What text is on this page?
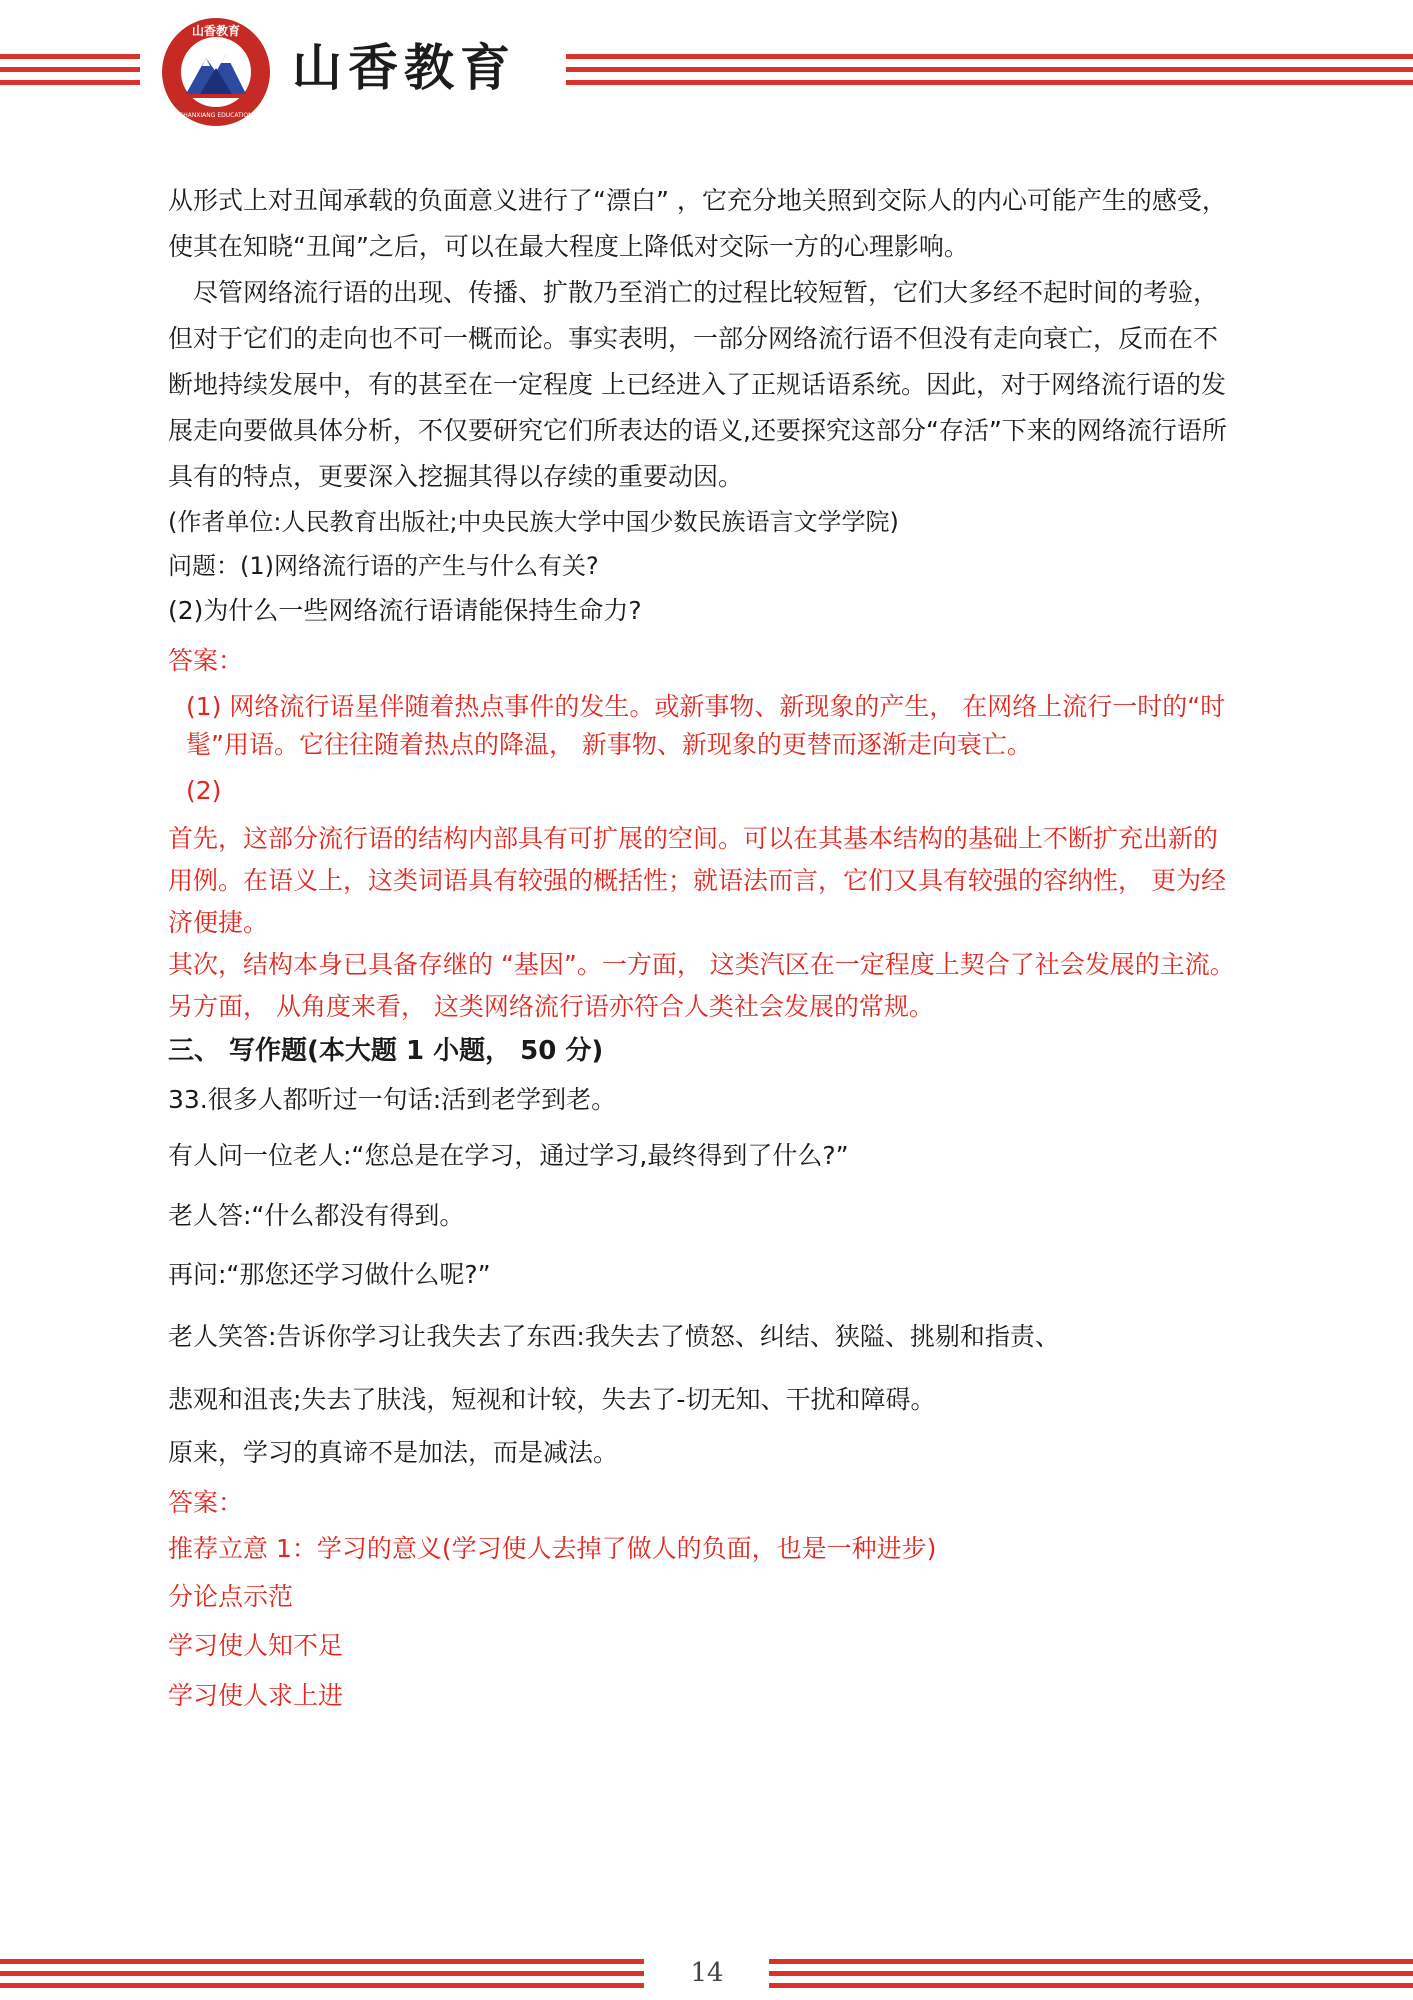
山香教育
SHANXIANG EDUCATION
山香教育

从形式上对丑闻承载的负面意义进行了“漂白” ，它充分地关照到交际人的内心可能产生的感受，使其在知晓“丑闻”之后，可以在最大程度上降低对交际一方的心理影响。

尽管网络流行语的出现、传播、扩散乃至消亡的过程比较短暂，它们大多经不起时间的考验，但对于它们的走向也不可一概而论。事实表明，一部分网络流行语不但没有走向衰亡，反而在不断地持续发展中，有的甚至在一定程度 上已经进入了正规话语系统。因此，对于网络流行语的发展走向要做具体分析，不仅要研究它们所表达的语义,还要探究这部分“存活”下来的网络流行语所具有的特点，更要深入挖掘其得以存续的重要动因。

(作者单位:人民教育出版社;中央民族大学中国少数民族语言文学学院)

问题：(1)网络流行语的产生与什么有关?

(2)为什么一些网络流行语请能保持生命力?

答案：

(1) 网络流行语星伴随着热点事件的发生。或新事物、新现象的产生， 在网络上流行一时的“时髦”用语。它往往随着热点的降温， 新事物、新现象的更替而逐渐走向衰亡。

(2)

首先，这部分流行语的结构内部具有可扩展的空间。可以在其基本结构的基础上不断扩充出新的用例。在语义上，这类词语具有较强的概括性；就语法而言，它们又具有较强的容纳性， 更为经济便捷。

其次，结构本身已具备存继的 “基因”。一方面， 这类汽区在一定程度上契合了社会发展的主流。

另方面， 从角度来看， 这类网络流行语亦符合人类社会发展的常规。

三、 写作题(本大题 1 小题， 50 分)

33.很多人都听过一句话:活到老学到老。

有人问一位老人:“您总是在学习，通过学习,最终得到了什么?”

老人答:“什么都没有得到。

再问:“那您还学习做什么呢?”

老人笑答:告诉你学习让我失去了东西:我失去了愤怒、纠结、狭隘、挑剔和指责、

悲观和沮丧;失去了肤浅，短视和计较，失去了-切无知、干扰和障碍。

原来，学习的真谛不是加法，而是减法。

答案：

推荐立意 1：学习的意义(学习使人去掉了做人的负面，也是一种进步)

分论点示范

学习使人知不足

学习使人求上进

14
